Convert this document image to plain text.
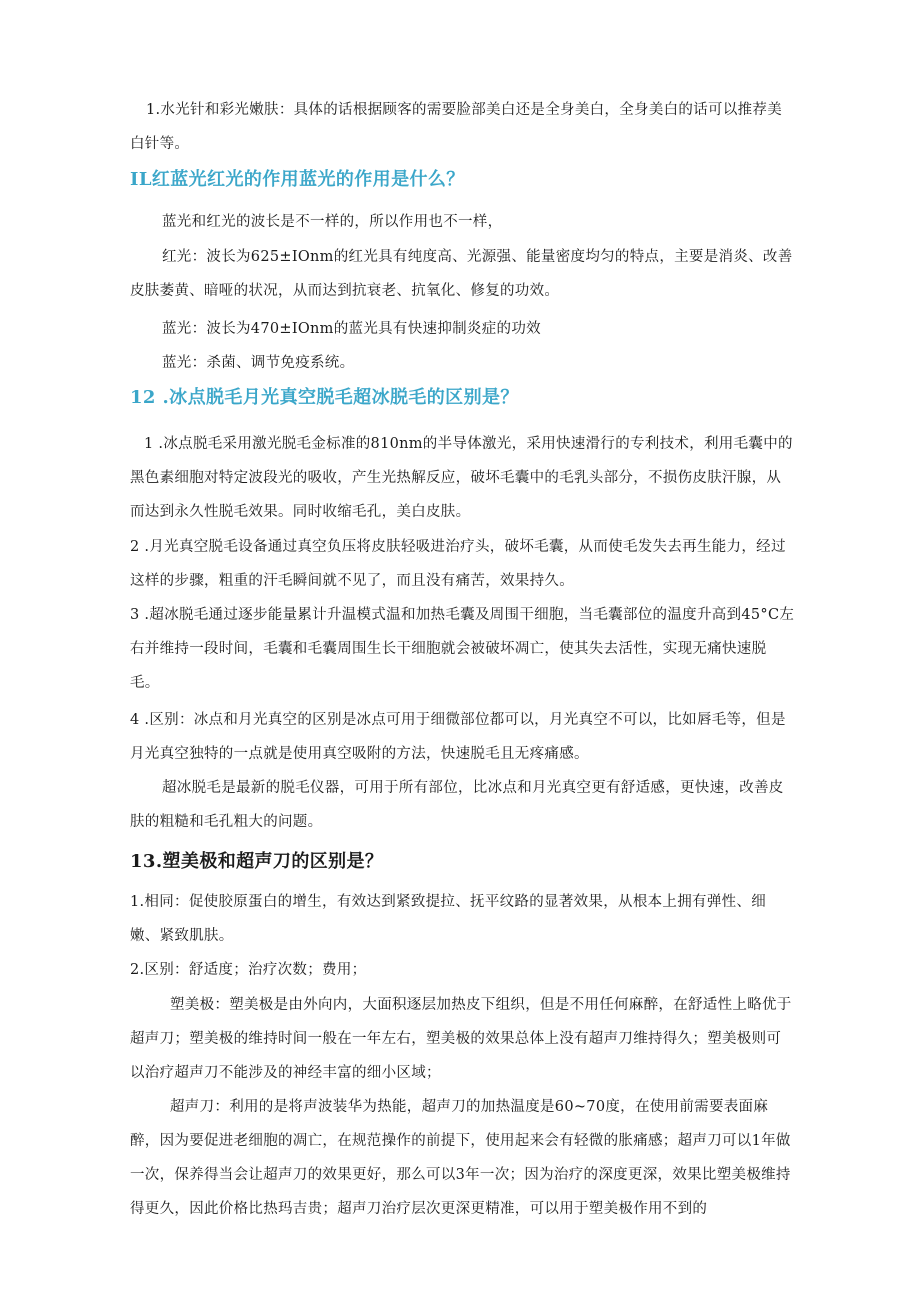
1.水光针和彩光嫩肤：具体的话根据顾客的需要脸部美白还是全身美白，全身美白的话可以推荐美白针等。

IL红蓝光红光的作用蓝光的作用是什么？

蓝光和红光的波长是不一样的，所以作用也不一样，

红光：波长为625±IOnm的红光具有纯度高、光源强、能量密度均匀的特点，主要是消炎、改善皮肤萎黄、暗哑的状况，从而达到抗衰老、抗氧化、修复的功效。

蓝光：波长为470±IOnm的蓝光具有快速抑制炎症的功效

蓝光：杀菌、调节免疫系统。

12 .冰点脱毛月光真空脱毛超冰脱毛的区别是？

1 .冰点脱毛采用激光脱毛金标准的810nm的半导体激光，采用快速滑行的专利技术，利用毛囊中的黑色素细胞对特定波段光的吸收，产生光热解反应，破坏毛囊中的毛乳头部分，不损伤皮肤汗腺，从而达到永久性脱毛效果。同时收缩毛孔，美白皮肤。

2 .月光真空脱毛设备通过真空负压将皮肤轻吸进治疗头，破坏毛囊，从而使毛发失去再生能力，经过这样的步骤，粗重的汗毛瞬间就不见了，而且没有痛苦，效果持久。

3 .超冰脱毛通过逐步能量累计升温模式温和加热毛囊及周围干细胞，当毛囊部位的温度升高到45°C左右并维持一段时间，毛囊和毛囊周围生长干细胞就会被破坏凋亡，使其失去活性，实现无痛快速脱毛。

4 .区别：冰点和月光真空的区别是冰点可用于细微部位都可以，月光真空不可以，比如唇毛等，但是月光真空独特的一点就是使用真空吸附的方法，快速脱毛且无疼痛感。

超冰脱毛是最新的脱毛仪器，可用于所有部位，比冰点和月光真空更有舒适感，更快速，改善皮肤的粗糙和毛孔粗大的问题。

13.塑美极和超声刀的区别是？

1.相同：促使胶原蛋白的增生，有效达到紧致提拉、抚平纹路的显著效果，从根本上拥有弹性、细嫩、紧致肌肤。

2.区别：舒适度；治疗次数；费用；

塑美极：塑美极是由外向内，大面积逐层加热皮下组织，但是不用任何麻醉，在舒适性上略优于超声刀；塑美极的维持时间一般在一年左右，塑美极的效果总体上没有超声刀维持得久；塑美极则可以治疗超声刀不能涉及的神经丰富的细小区域；

超声刀：利用的是将声波装华为热能，超声刀的加热温度是60~70度，在使用前需要表面麻醉，因为要促进老细胞的凋亡，在规范操作的前提下，使用起来会有轻微的胀痛感；超声刀可以1年做一次，保养得当会让超声刀的效果更好，那么可以3年一次；因为治疗的深度更深，效果比塑美极维持得更久，因此价格比热玛吉贵；超声刀治疗层次更深更精准，可以用于塑美极作用不到的
